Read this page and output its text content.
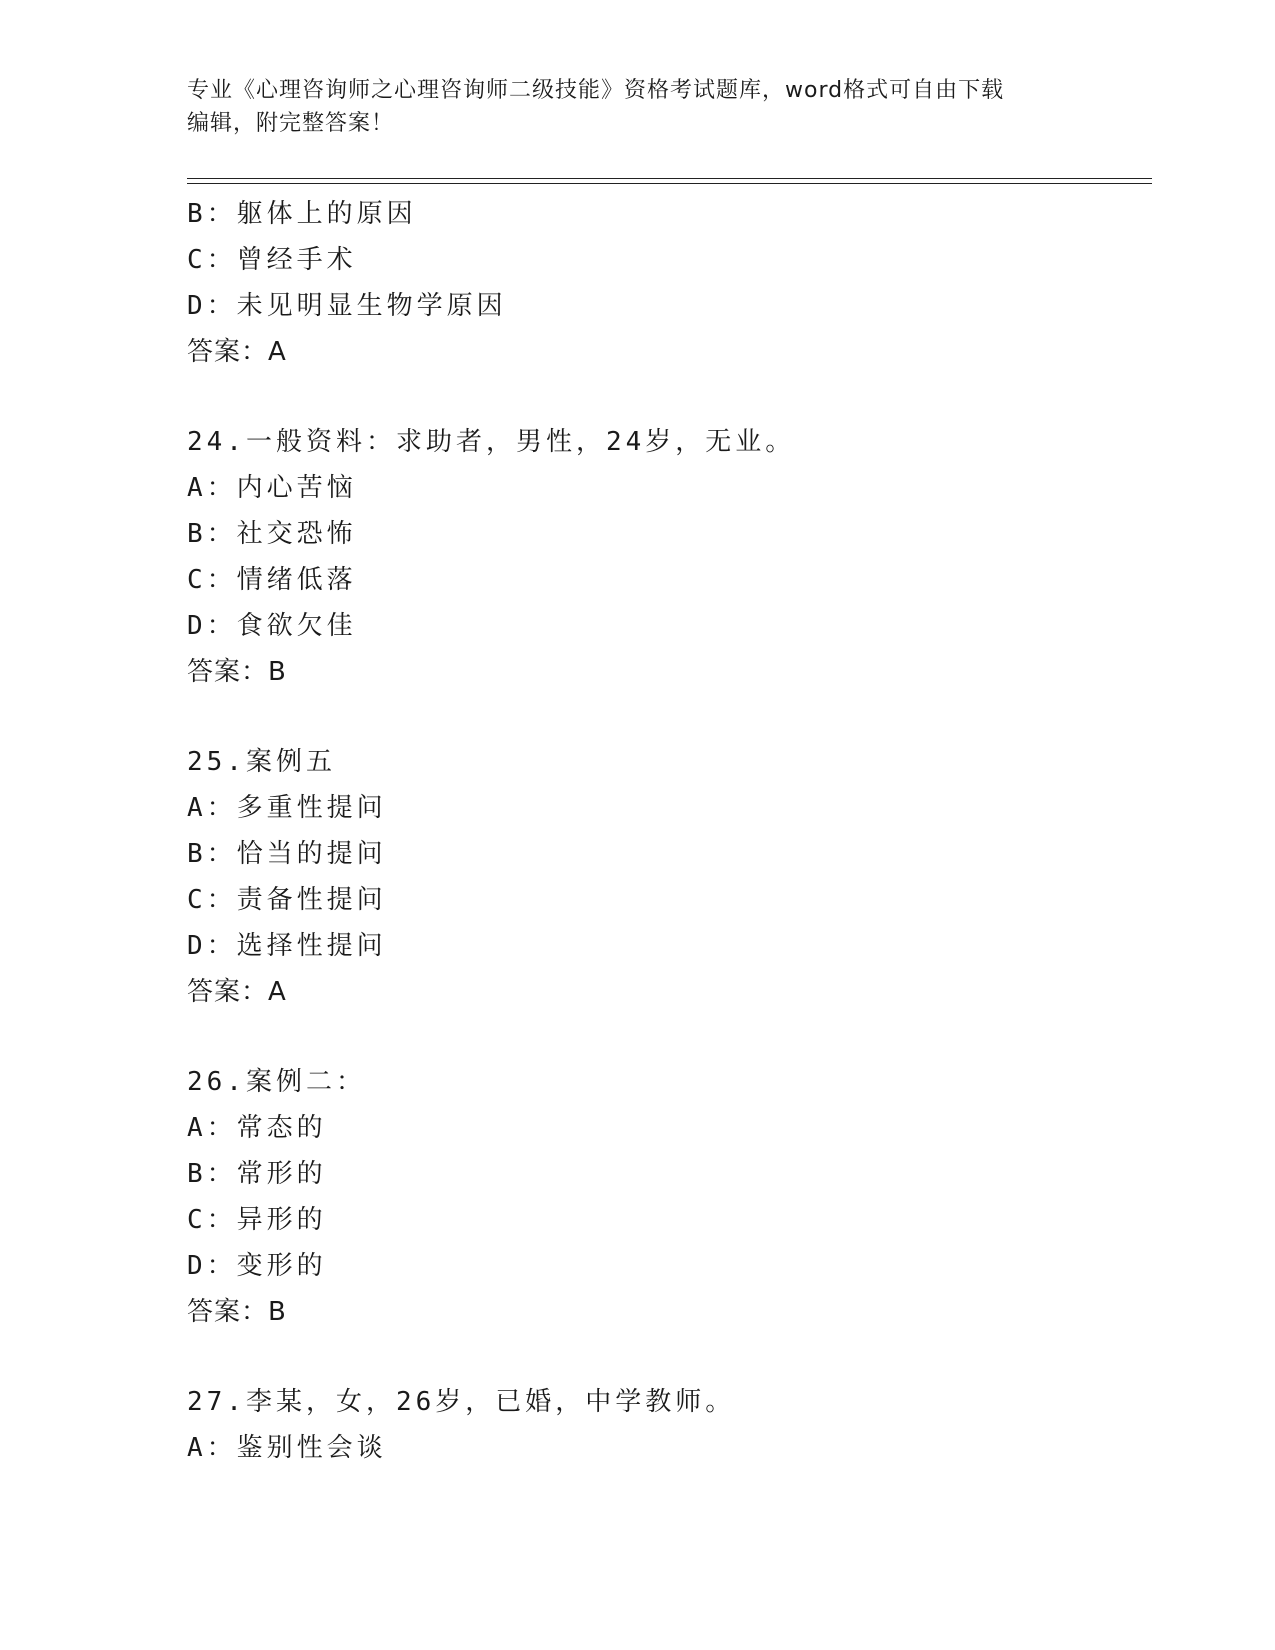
专业《心理咨询师之心理咨询师二级技能》资格考试题库，word格式可自由下载
编辑，附完整答案！
B：躯体上的原因
C：曾经手术
D：未见明显生物学原因
答案：A
24.一般资料：求助者，男性，24岁，无业。
A：内心苦恼
B：社交恐怖
C：情绪低落
D：食欲欠佳
答案：B
25.案例五
A：多重性提问
B：恰当的提问
C：责备性提问
D：选择性提问
答案：A
26.案例二：
A：常态的
B：常形的
C：异形的
D：变形的
答案：B
27.李某，女，26岁，已婚，中学教师。
A：鉴别性会谈
